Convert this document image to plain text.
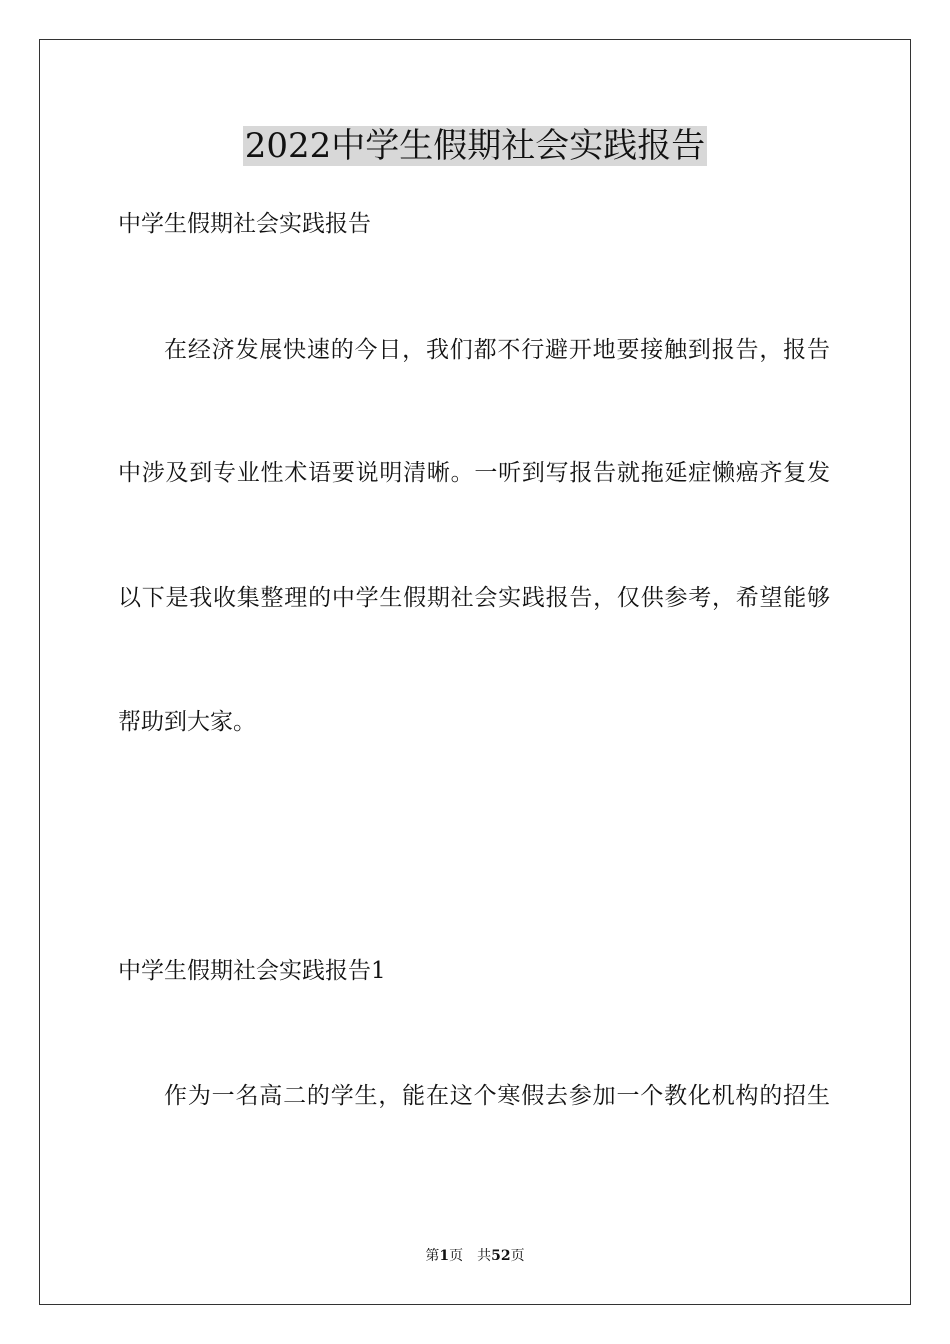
2022中学生假期社会实践报告
中学生假期社会实践报告
在经济发展快速的今日，我们都不行避开地要接触到报告，报告
中涉及到专业性术语要说明清晰。一听到写报告就拖延症懒癌齐复发
以下是我收集整理的中学生假期社会实践报告，仅供参考，希望能够
帮助到大家。
中学生假期社会实践报告1
作为一名高二的学生，能在这个寒假去参加一个教化机构的招生
第1页 共52页
